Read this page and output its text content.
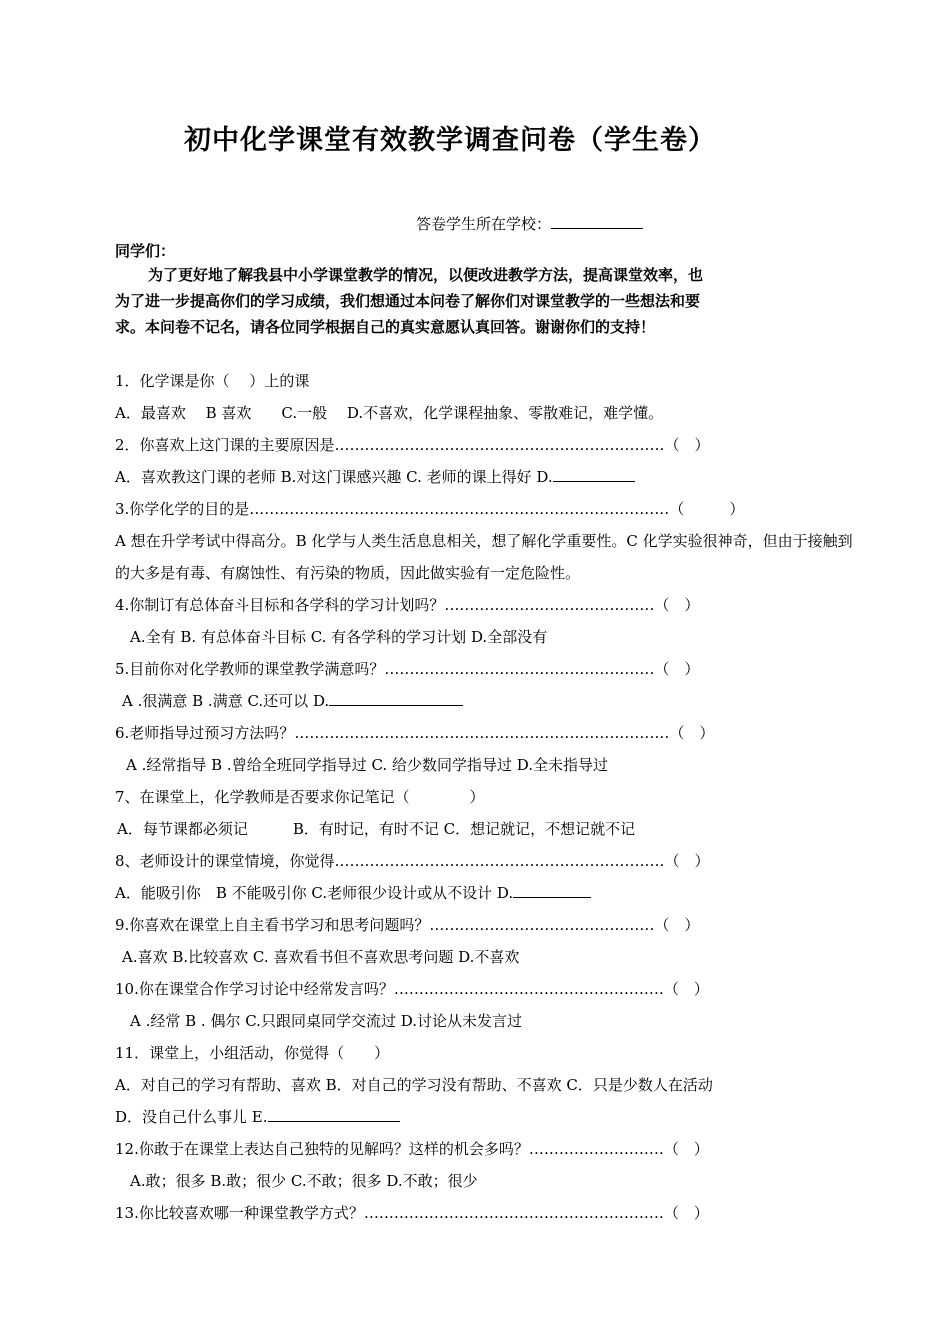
初中化学课堂有效教学调查问卷（学生卷）
答卷学生所在学校：
同学们：
为了更好地了解我县中小学课堂教学的情况，以便改进教学方法，提高课堂效率，也
为了进一步提高你们的学习成绩，我们想通过本问卷了解你们对课堂教学的一些想法和要
求。本问卷不记名，请各位同学根据自己的真实意愿认真回答。谢谢你们的支持！
1．化学课是你（　 ）上的课
A．最喜欢　 B 喜欢　　C.一般　 D.不喜欢，化学课程抽象、零散难记，难学懂。
2．你喜欢上这门课的主要原因是…………………………………………………………（　）
A．喜欢教这门课的老师 B.对这门课感兴趣 C. 老师的课上得好 D.
3.你学化学的目的是…………………………………………………………………………（　　　）
A 想在升学考试中得高分。B 化学与人类生活息息相关，想了解化学重要性。C 化学实验很神奇，但由于接触到的大多是有毒、有腐蚀性、有污染的物质，因此做实验有一定危险性。
4.你制订有总体奋斗目标和各学科的学习计划吗？……………………………………（　）
A.全有 B. 有总体奋斗目标 C. 有各学科的学习计划 D.全部没有
5.目前你对化学教师的课堂教学满意吗？………………………………………………（　）
A .很满意 B .满意 C.还可以 D.
6.老师指导过预习方法吗？…………………………………………………………………（　）
A .经常指导 B .曾给全班同学指导过 C. 给少数同学指导过 D.全未指导过
7、在课堂上，化学教师是否要求你记笔记（　　　　）
A．每节课都必须记　　　B．有时记，有时不记 C．想记就记，不想记就不记
8、老师设计的课堂情境，你觉得…………………………………………………………（　）
A．能吸引你　B 不能吸引你 C.老师很少设计或从不设计 D.
9.你喜欢在课堂上自主看书学习和思考问题吗？………………………………………（　）
A.喜欢 B.比较喜欢 C. 喜欢看书但不喜欢思考问题 D.不喜欢
10.你在课堂合作学习讨论中经常发言吗？………………………………………………（　）
A .经常 B . 偶尔 C.只跟同桌同学交流过 D.讨论从未发言过
11．课堂上，小组活动，你觉得（　　）
A．对自己的学习有帮助、喜欢 B．对自己的学习没有帮助、不喜欢 C．只是少数人在活动
D．没自己什么事儿 E.
12.你敢于在课堂上表达自己独特的见解吗？这样的机会多吗？………………………（　）
A.敢；很多 B.敢；很少 C.不敢；很多 D.不敢；很少
13.你比较喜欢哪一种课堂教学方式？……………………………………………………（　）
